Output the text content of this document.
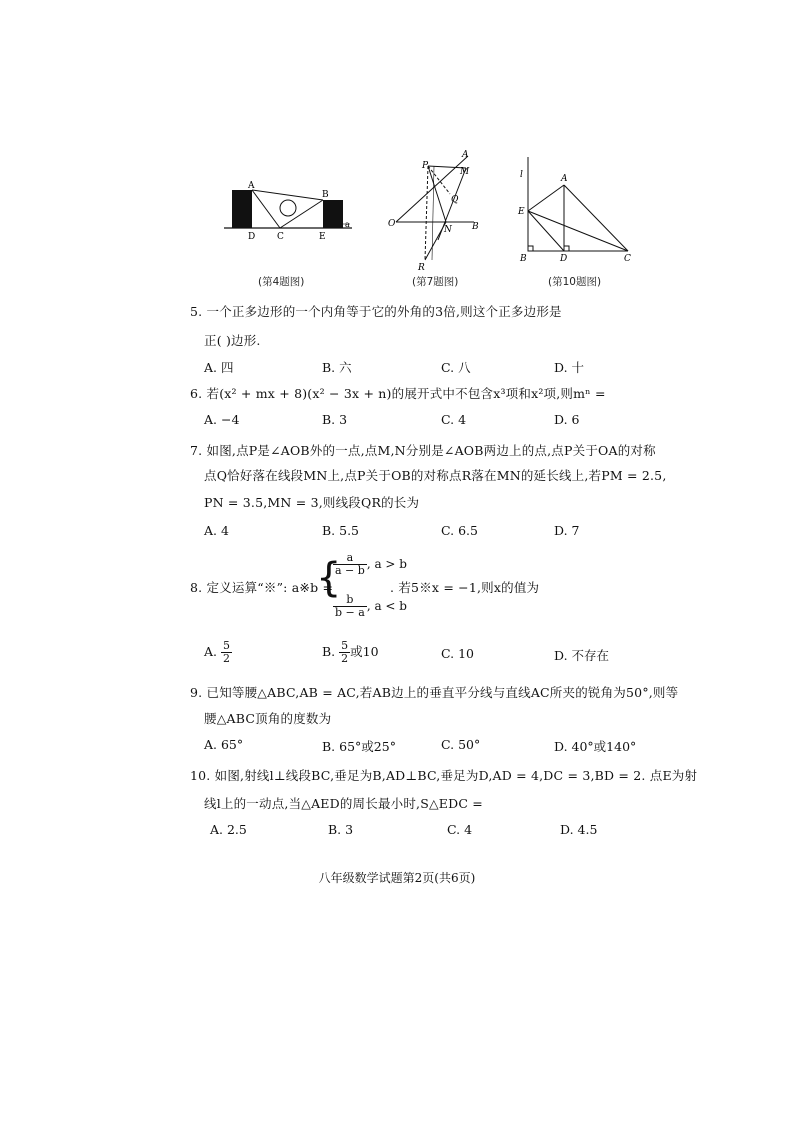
A
B
C
D	E
a
(第4题图)
P
A
M
Q
O
N B
R
(第7题图)
l	A
E
B	D	C
(第10题图)
5. 一个正多边形的一个内角等于它的外角的3倍,则这个正多边形是
正( )边形.
A. 四	B. 六	C. 八	D. 十
6. 若(x² + mx + 8)(x² − 3x + n)的展开式中不包含x³项和x²项,则mⁿ =
A. −4	B. 3	C. 4	D. 6
7. 如图,点P是∠AOB外的一点,点M,N分别是∠AOB两边上的点,点P关于OA的对称
点Q恰好落在线段MN上,点P关于OB的对称点R落在MN的延长线上,若PM = 2.5,
PN = 3.5,MN = 3,则线段QR的长为
A. 4	B. 5.5	C. 6.5	D. 7
8. 定义运算“※”: a※b =
{
$\frac{a}{a - b}$ , a > b
$\frac{b}{b - a}$ , a < b
. 若5※x = −1,则x的值为
A. $\frac{5}{2}$	B. $\frac{5}{2}$ 或10	C. 10	D. 不存在
9. 已知等腰△ABC,AB = AC,若AB边上的垂直平分线与直线AC所夹的锐角为50°,则等
腰△ABC顶角的度数为
A. 65°	B. 65°或25°	C. 50°	D. 40°或140°
10. 如图,射线l⊥线段BC,垂足为B,AD⊥BC,垂足为D,AD = 4,DC = 3,BD = 2. 点E为射
线l上的一动点,当△AED的周长最小时,S△EDC =
A. 2.5	B. 3	C. 4	D. 4.5
八年级数学试题第2页(共6页)
